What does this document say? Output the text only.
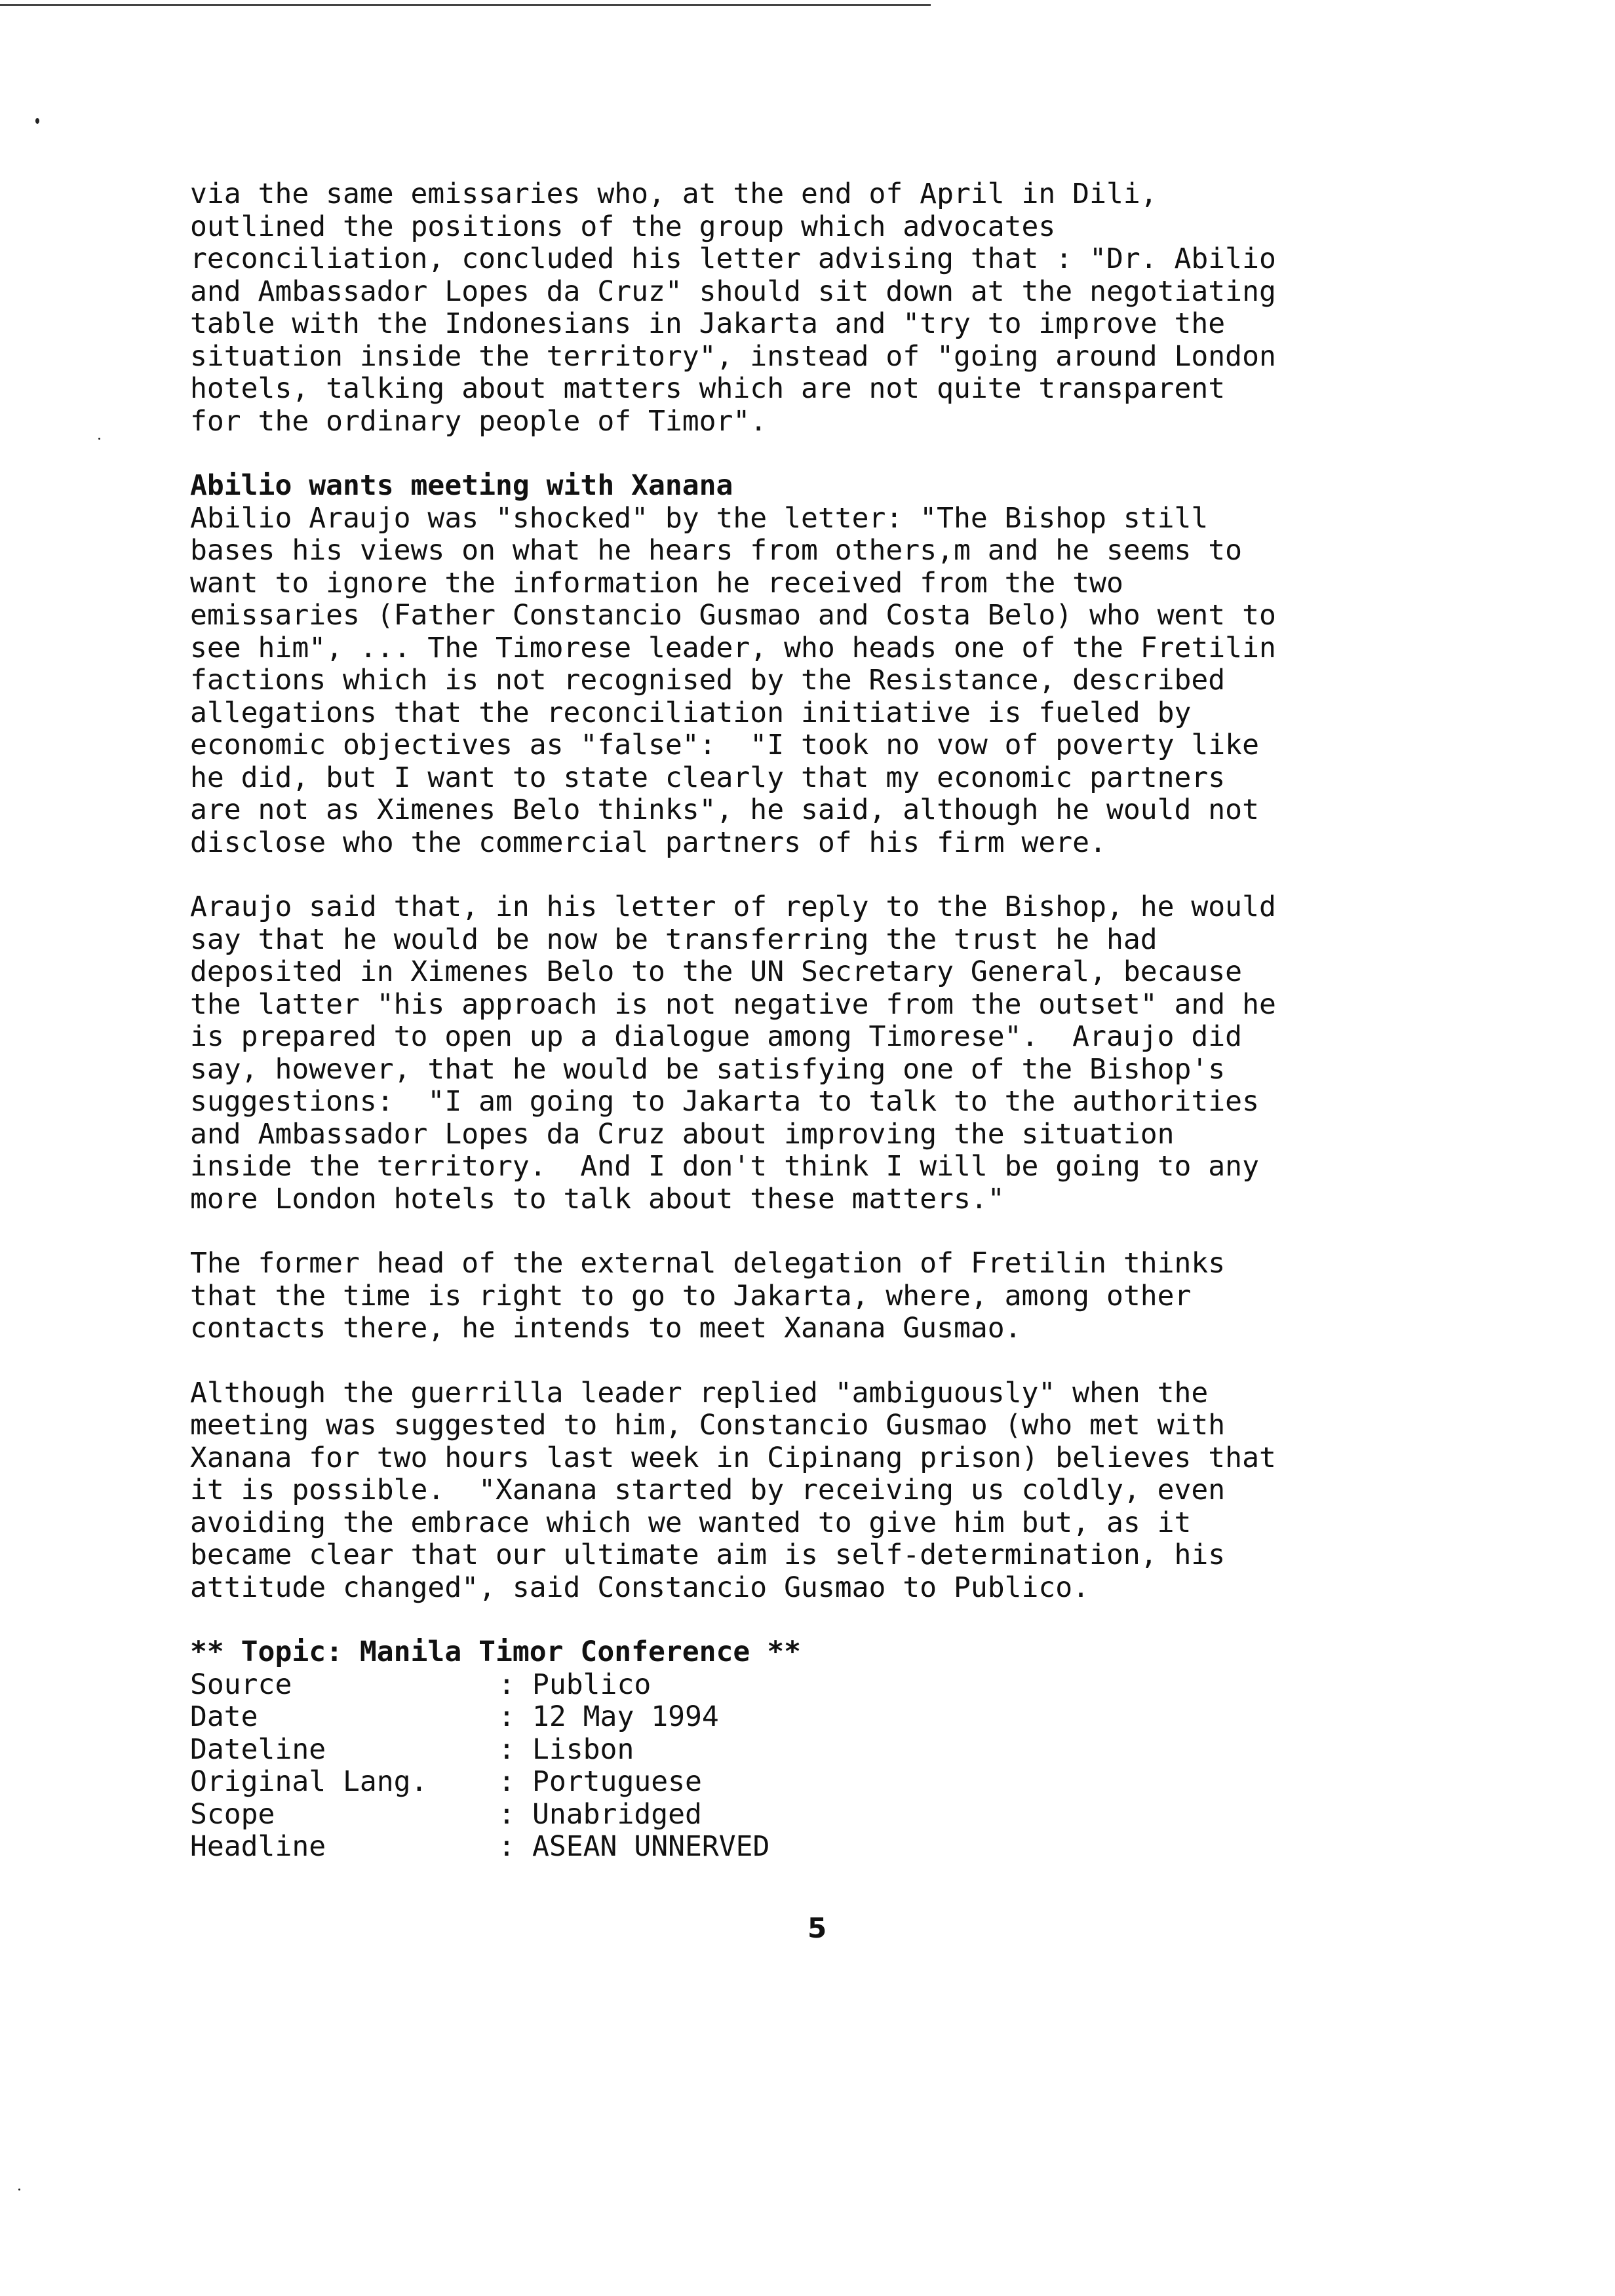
via the same emissaries who, at the end of April in Dili,
outlined the positions of the group which advocates
reconciliation, concluded his letter advising that : "Dr. Abilio
and Ambassador Lopes da Cruz" should sit down at the negotiating
table with the Indonesians in Jakarta and "try to improve the
situation inside the territory", instead of "going around London
hotels, talking about matters which are not quite transparent
for the ordinary people of Timor".
Abilio wants meeting with Xanana
Abilio Araujo was "shocked" by the letter: "The Bishop still
bases his views on what he hears from others,m and he seems to
want to ignore the information he received from the two
emissaries (Father Constancio Gusmao and Costa Belo) who went to
see him", ... The Timorese leader, who heads one of the Fretilin
factions which is not recognised by the Resistance, described
allegations that the reconciliation initiative is fueled by
economic objectives as "false":  "I took no vow of poverty like
he did, but I want to state clearly that my economic partners
are not as Ximenes Belo thinks", he said, although he would not
disclose who the commercial partners of his firm were.
Araujo said that, in his letter of reply to the Bishop, he would
say that he would be now be transferring the trust he had
deposited in Ximenes Belo to the UN Secretary General, because
the latter "his approach is not negative from the outset" and he
is prepared to open up a dialogue among Timorese".  Araujo did
say, however, that he would be satisfying one of the Bishop's
suggestions:  "I am going to Jakarta to talk to the authorities
and Ambassador Lopes da Cruz about improving the situation
inside the territory.  And I don't think I will be going to any
more London hotels to talk about these matters."
The former head of the external delegation of Fretilin thinks
that the time is right to go to Jakarta, where, among other
contacts there, he intends to meet Xanana Gusmao.
Although the guerrilla leader replied "ambiguously" when the
meeting was suggested to him, Constancio Gusmao (who met with
Xanana for two hours last week in Cipinang prison) believes that
it is possible.  "Xanana started by receiving us coldly, even
avoiding the embrace which we wanted to give him but, as it
became clear that our ultimate aim is self-determination, his
attitude changed", said Constancio Gusmao to Publico.
** Topic: Manila Timor Conference **
Source	: Publico
Date	: 12 May 1994
Dateline	: Lisbon
Original Lang.	: Portuguese
Scope	: Unabridged
Headline	: ASEAN UNNERVED
5
